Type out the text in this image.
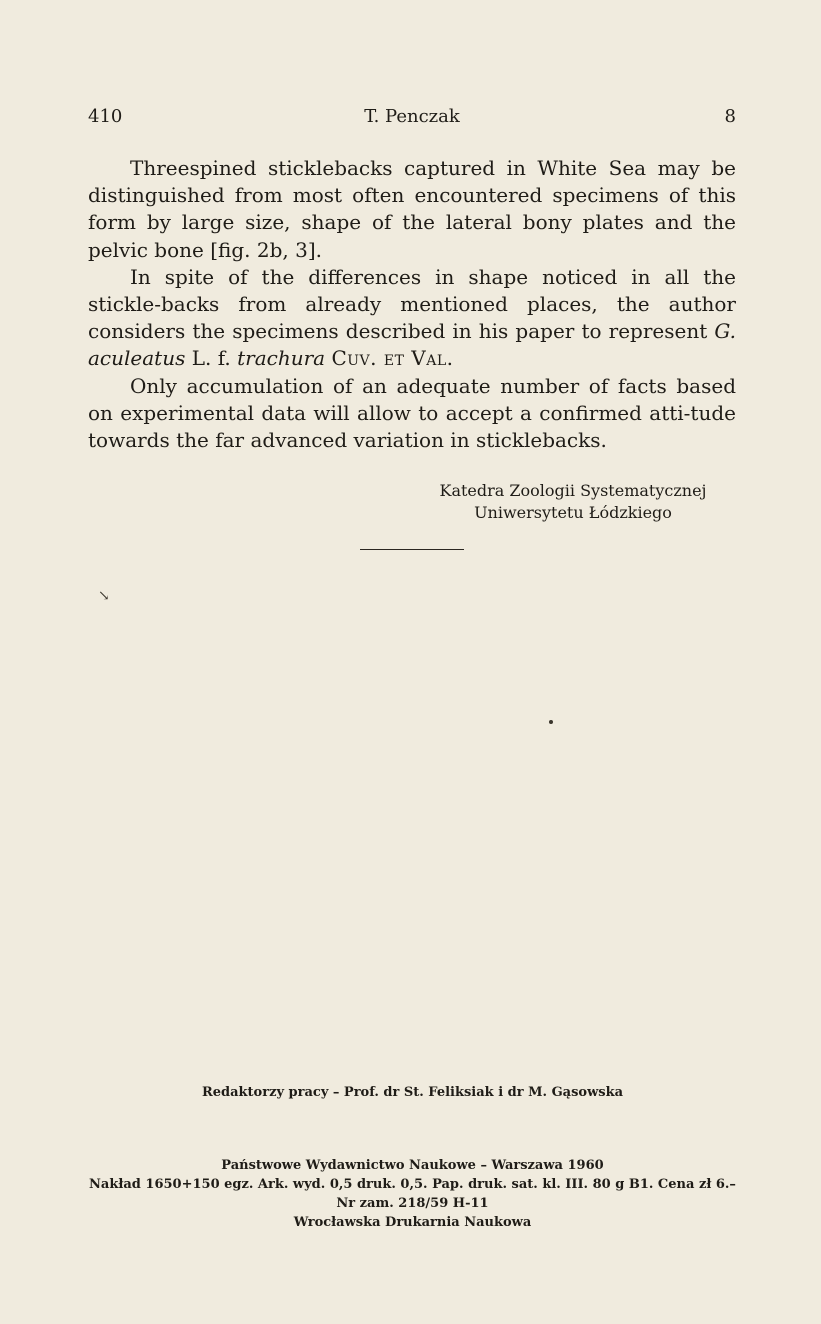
410	T. Penczak	8

Threespined sticklebacks captured in White Sea may be distinguished from most often encountered specimens of this form by large size, shape of the lateral bony plates and the pelvic bone [fig. 2b, 3].

In spite of the differences in shape noticed in all the stickle-backs from already mentioned places, the author considers the specimens described in his paper to represent G. aculeatus L. f. trachura Cuv. et Val.

Only accumulation of an adequate number of facts based on experimental data will allow to accept a confirmed atti-tude towards the far advanced variation in sticklebacks.

Katedra Zoologii Systematycznej
Uniwersytetu Łódzkiego
↘
Redaktorzy pracy – Prof. dr St. Feliksiak i dr M. Gąsowska
Państwowe Wydawnictwo Naukowe – Warszawa 1960
Nakład 1650+150 egz. Ark. wyd. 0,5 druk. 0,5. Pap. druk. sat. kl. III. 80 g B1. Cena zł 6.–
Nr zam. 218/59 H-11
Wrocławska Drukarnia Naukowa
